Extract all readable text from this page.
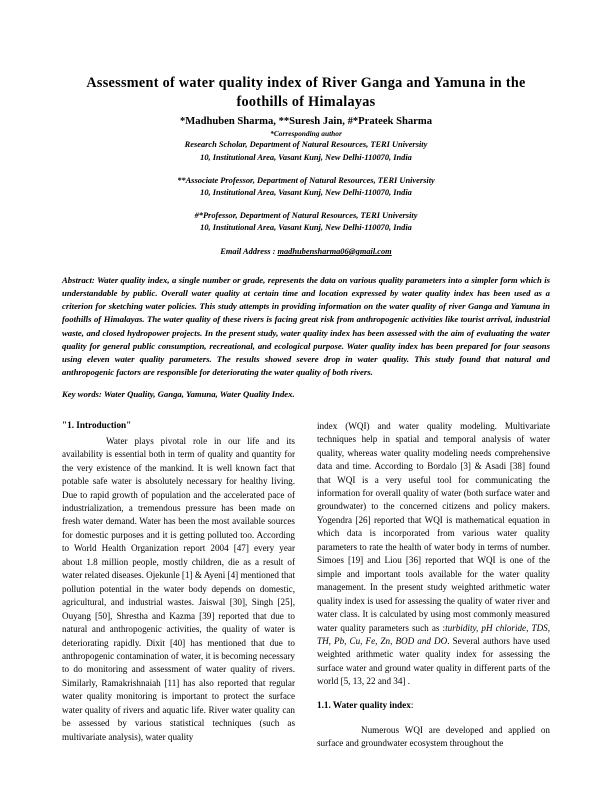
Assessment of water quality index of River Ganga and Yamuna in the foothills of Himalayas
*Madhuben Sharma, **Suresh Jain, #*Prateek Sharma
*Corresponding author
Research Scholar, Department of Natural Resources, TERI University
10, Institutional Area, Vasant Kunj, New Delhi-110070, India
**Associate Professor, Department of Natural Resources, TERI University
10, Institutional Area, Vasant Kunj, New Delhi-110070, India
#*Professor, Department of Natural Resources, TERI University
10, Institutional Area, Vasant Kunj, New Delhi-110070, India
Email Address : madhubensharma06@gmail.com
Abstract: Water quality index, a single number or grade, represents the data on various quality parameters into a simpler form which is understandable by public. Overall water quality at certain time and location expressed by water quality index has been used as a criterion for sketching water policies. This study attempts in providing information on the water quality of river Ganga and Yamuna in foothills of Himalayas. The water quality of these rivers is facing great risk from anthropogenic activities like tourist arrival, industrial waste, and closed hydropower projects. In the present study, water quality index has been assessed with the aim of evaluating the water quality for general public consumption, recreational, and ecological purpose. Water quality index has been prepared for four seasons using eleven water quality parameters. The results showed severe drop in water quality. This study found that natural and anthropogenic factors are responsible for deteriorating the water quality of both rivers.
Key words: Water Quality, Ganga, Yamuna, Water Quality Index.
"1. Introduction"

Water plays pivotal role in our life and its availability is essential both in term of quality and quantity for the very existence of the mankind. It is well known fact that potable safe water is absolutely necessary for healthy living. Due to rapid growth of population and the accelerated pace of industrialization, a tremendous pressure has been made on fresh water demand. Water has been the most available sources for domestic purposes and it is getting polluted too. According to World Health Organization report 2004 [47] every year about 1.8 million people, mostly children, die as a result of water related diseases. Ojekunle [1] & Ayeni [4] mentioned that pollution potential in the water body depends on domestic, agricultural, and industrial wastes. Jaiswal [30], Singh [25], Ouyang [50], Shrestha and Kazma [39] reported that due to natural and anthropogenic activities, the quality of water is deteriorating rapidly. Dixit [40] has mentioned that due to anthropogenic contamination of water, it is becoming necessary to do monitoring and assessment of water quality of rivers. Similarly, Ramakrishnaiah [11] has also reported that regular water quality monitoring is important to protect the surface water quality of rivers and aquatic life. River water quality can be assessed by various statistical techniques (such as multivariate analysis), water quality

index (WQI) and water quality modeling. Multivariate techniques help in spatial and temporal analysis of water quality, whereas water quality modeling needs comprehensive data and time. According to Bordalo [3] & Asadi [38] found that WQI is a very useful tool for communicating the information for overall quality of water (both surface water and groundwater) to the concerned citizens and policy makers. Yogendra [26] reported that WQI is mathematical equation in which data is incorporated from various water quality parameters to rate the health of water body in terms of number. Simoes [19] and Liou [36] reported that WQI is one of the simple and important tools available for the water quality management. In the present study weighted arithmetic water quality index is used for assessing the quality of water river and water class. It is calculated by using most commonly measured water quality parameters such as :turbidity, pH chloride, TDS, TH, Pb, Cu, Fe, Zn, BOD and DO. Several authors have used weighted arithmetic water quality index for assessing the surface water and ground water quality in different parts of the world [5, 13, 22 and 34] .

1.1. Water quality index:

Numerous WQI are developed and applied on surface and groundwater ecosystem throughout the
